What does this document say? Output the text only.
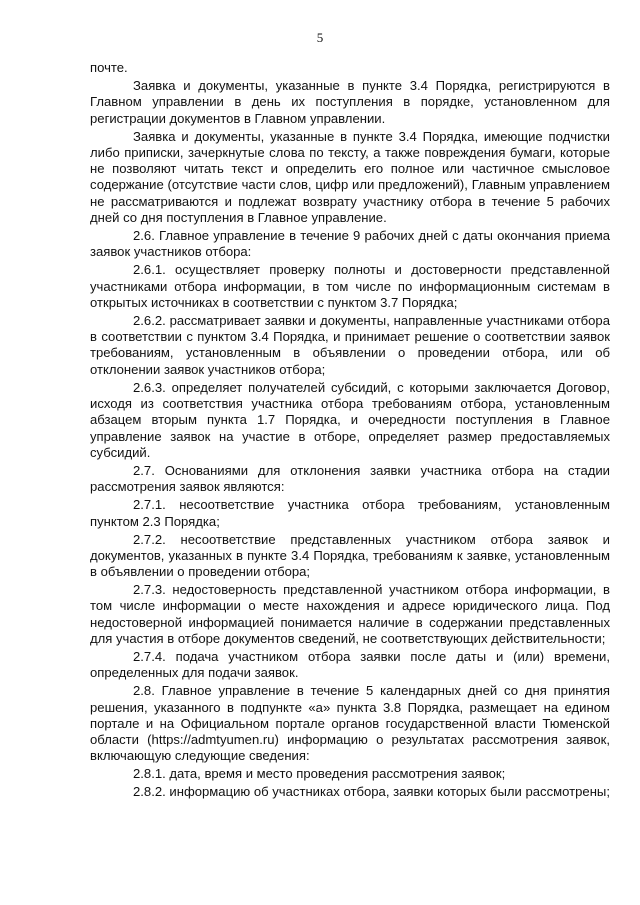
5

почте.

Заявка и документы, указанные в пункте 3.4 Порядка, регистрируются в Главном управлении в день их поступления в порядке, установленном для регистрации документов в Главном управлении.

Заявка и документы, указанные в пункте 3.4 Порядка, имеющие подчистки либо приписки, зачеркнутые слова по тексту, а также повреждения бумаги, которые не позволяют читать текст и определить его полное или частичное смысловое содержание (отсутствие части слов, цифр или предложений), Главным управлением не рассматриваются и подлежат возврату участнику отбора в течение 5 рабочих дней со дня поступления в Главное управление.

2.6. Главное управление в течение 9 рабочих дней с даты окончания приема заявок участников отбора:

2.6.1. осуществляет проверку полноты и достоверности представленной участниками отбора информации, в том числе по информационным системам в открытых источниках в соответствии с пунктом 3.7 Порядка;

2.6.2. рассматривает заявки и документы, направленные участниками отбора в соответствии с пунктом 3.4 Порядка, и принимает решение о соответствии заявок требованиям, установленным в объявлении о проведении отбора, или об отклонении заявок участников отбора;

2.6.3. определяет получателей субсидий, с которыми заключается Договор, исходя из соответствия участника отбора требованиям отбора, установленным абзацем вторым пункта 1.7 Порядка, и очередности поступления в Главное управление заявок на участие в отборе, определяет размер предоставляемых субсидий.

2.7. Основаниями для отклонения заявки участника отбора на стадии рассмотрения заявок являются:

2.7.1. несоответствие участника отбора требованиям, установленным пунктом 2.3 Порядка;

2.7.2. несоответствие представленных участником отбора заявок и документов, указанных в пункте 3.4 Порядка, требованиям к заявке, установленным в объявлении о проведении отбора;

2.7.3. недостоверность представленной участником отбора информации, в том числе информации о месте нахождения и адресе юридического лица. Под недостоверной информацией понимается наличие в содержании представленных для участия в отборе документов сведений, не соответствующих действительности;

2.7.4. подача участником отбора заявки после даты и (или) времени, определенных для подачи заявок.

2.8. Главное управление в течение 5 календарных дней со дня принятия решения, указанного в подпункте «а» пункта 3.8 Порядка, размещает на едином портале и на Официальном портале органов государственной власти Тюменской области (https://admtyumen.ru) информацию о результатах рассмотрения заявок, включающую следующие сведения:

2.8.1. дата, время и место проведения рассмотрения заявок;

2.8.2. информацию об участниках отбора, заявки которых были рассмотрены;
